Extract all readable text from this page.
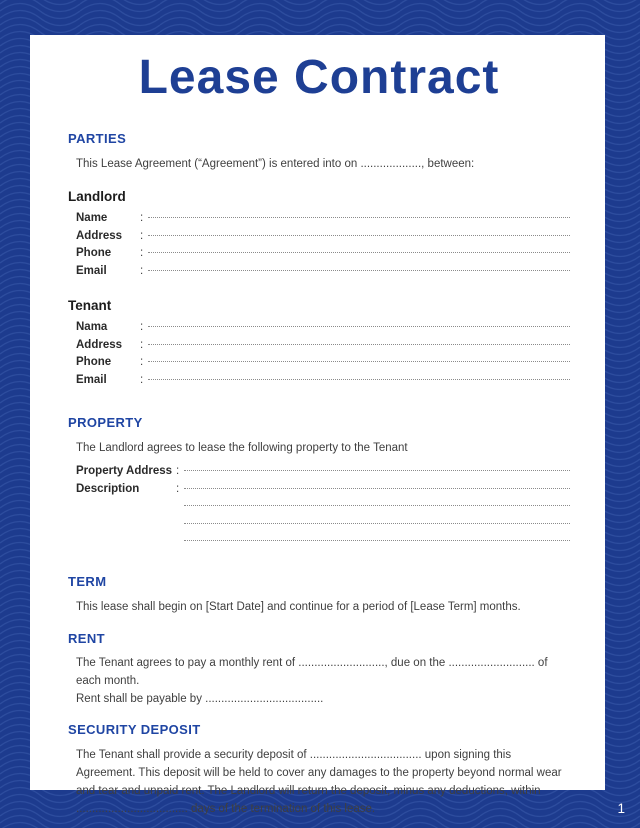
Lease Contract
PARTIES

This Lease Agreement (“Agreement”) is entered into on ..................., between:

Landlord
Name	:
Address	:
Phone	:
Email	:
Tenant
Nama	:
Address	:
Phone	:
Email	:
PROPERTY

The Landlord agrees to lease the following property to the Tenant

Property Address :
Description	:
TERM

This lease shall begin on [Start Date] and continue for a period of [Lease Term] months.

RENT

The Tenant agrees to pay a monthly rent of ..........................., due on the ........................... of each month.

Rent shall be payable by .....................................

SECURITY DEPOSIT

The Tenant shall provide a security deposit of ................................... upon signing this Agreement. This deposit will be held to cover any damages to the property beyond normal wear and tear and unpaid rent. The Landlord will return the deposit, minus any deductions, within ................................... days of the termination of this lease.	1
